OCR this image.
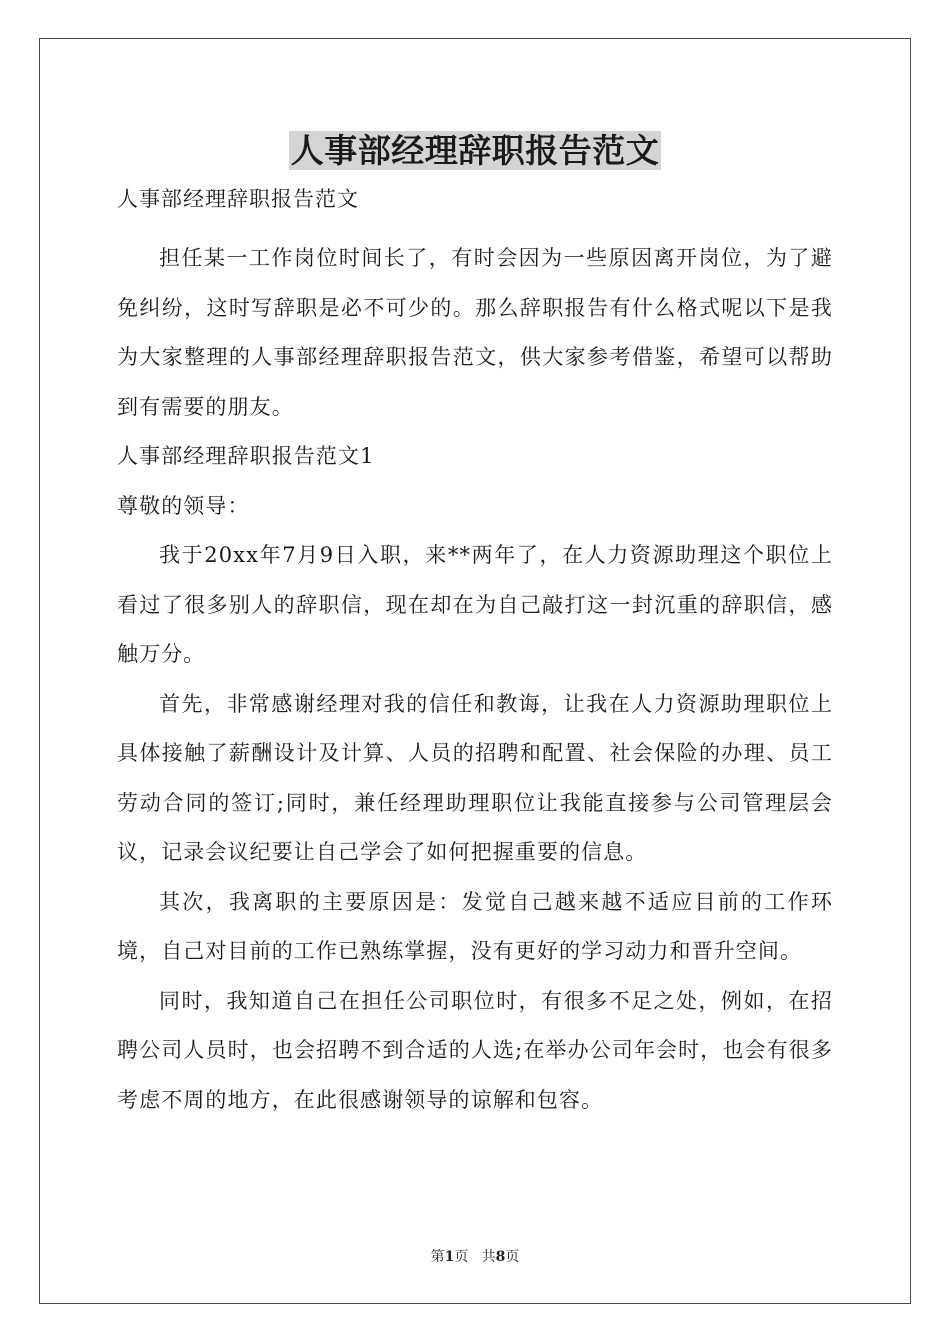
人事部经理辞职报告范文
人事部经理辞职报告范文

担任某一工作岗位时间长了，有时会因为一些原因离开岗位，为了避免纠纷，这时写辞职是必不可少的。那么辞职报告有什么格式呢以下是我为大家整理的人事部经理辞职报告范文，供大家参考借鉴，希望可以帮助到有需要的朋友。

人事部经理辞职报告范文1

尊敬的领导：

我于20xx年7月9日入职，来**两年了，在人力资源助理这个职位上看过了很多别人的辞职信，现在却在为自己敲打这一封沉重的辞职信，感触万分。

首先，非常感谢经理对我的信任和教诲，让我在人力资源助理职位上具体接触了薪酬设计及计算、人员的招聘和配置、社会保险的办理、员工劳动合同的签订;同时，兼任经理助理职位让我能直接参与公司管理层会议，记录会议纪要让自己学会了如何把握重要的信息。

其次，我离职的主要原因是：发觉自己越来越不适应目前的工作环境，自己对目前的工作已熟练掌握，没有更好的学习动力和晋升空间。

同时，我知道自己在担任公司职位时，有很多不足之处，例如，在招聘公司人员时，也会招聘不到合适的人选;在举办公司年会时，也会有很多考虑不周的地方，在此很感谢领导的谅解和包容。

第1页 共8页
